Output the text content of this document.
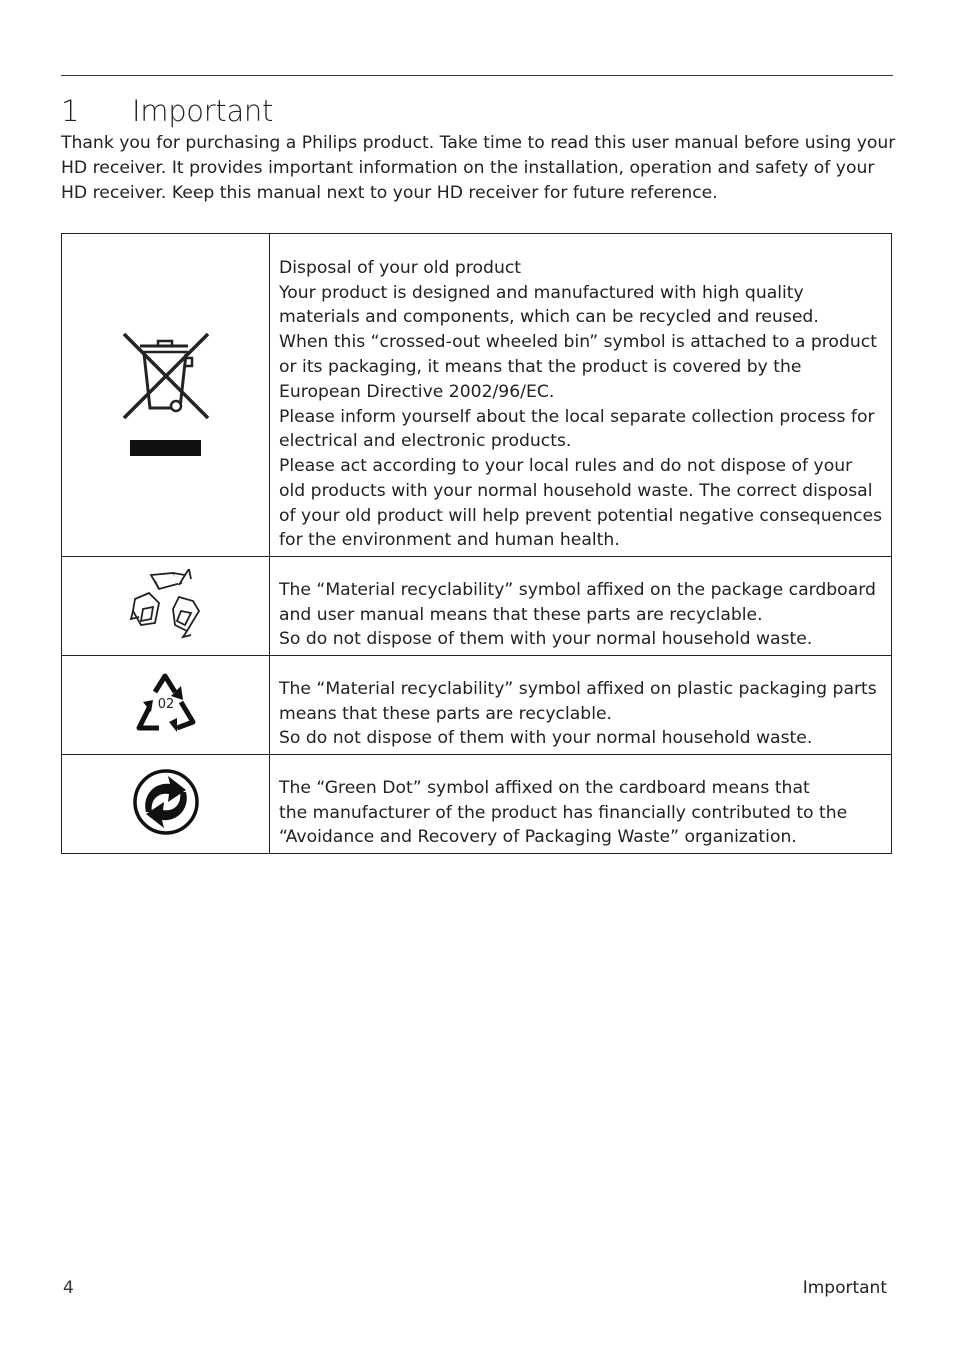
1 Important
Thank you for purchasing a Philips product. Take time to read this user manual before using your HD receiver. It provides important information on the installation, operation and safety of your HD receiver. Keep this manual next to your HD receiver for future reference.

Disposal of your old product

Your product is designed and manufactured with high quality materials and components, which can be recycled and reused.

When this “crossed-out wheeled bin” symbol is attached to a product or its packaging, it means that the product is covered by the European Directive 2002/96/EC.

Please inform yourself about the local separate collection process for electrical and electronic products.

Please act according to your local rules and do not dispose of your old products with your normal household waste. The correct disposal of your old product will help prevent potential negative consequences for the environment and human health.

The “Material recyclability” symbol affixed on the package cardboard and user manual means that these parts are recyclable.

So do not dispose of them with your normal household waste.

02	The “Material recyclability” symbol affixed on plastic packaging parts means that these parts are recyclable.

So do not dispose of them with your normal household waste.

The “Green Dot” symbol affixed on the cardboard means that

the manufacturer of the product has financially contributed to the

“Avoidance and Recovery of Packaging Waste” organization.

4	Important
